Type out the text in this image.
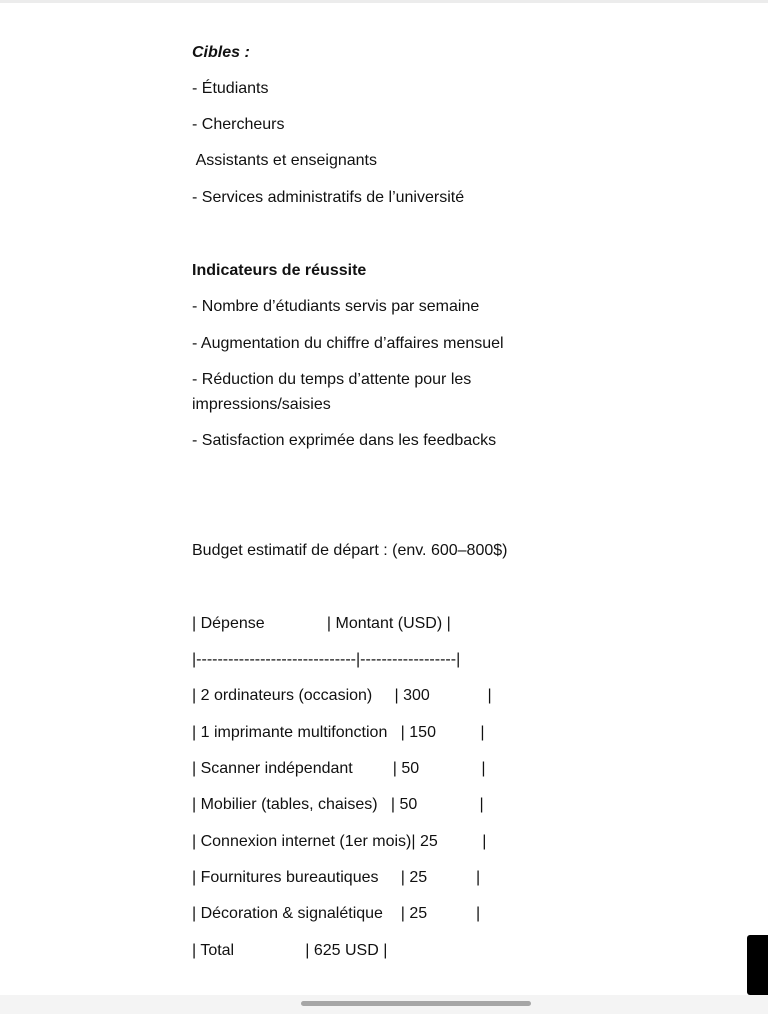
Cibles :
- Étudiants
- Chercheurs
Assistants et enseignants
- Services administratifs de l’université
Indicateurs de réussite
- Nombre d’étudiants servis par semaine
- Augmentation du chiffre d’affaires mensuel
- Réduction du temps d’attente pour les impressions/saisies
- Satisfaction exprimée dans les feedbacks
Budget estimatif de départ : (env. 600–800$)
| Dépense              | Montant (USD) |
|------------------------------|------------------|
| 2 ordinateurs (occasion)     | 300             |
| 1 imprimante multifonction   | 150          |
| Scanner indépendant         | 50              |
| Mobilier (tables, chaises)   | 50              |
| Connexion internet (1er mois)| 25          |
| Fournitures bureautiques     | 25           |
| Décoration & signalétique    | 25           |
| Total                | 625 USD |
